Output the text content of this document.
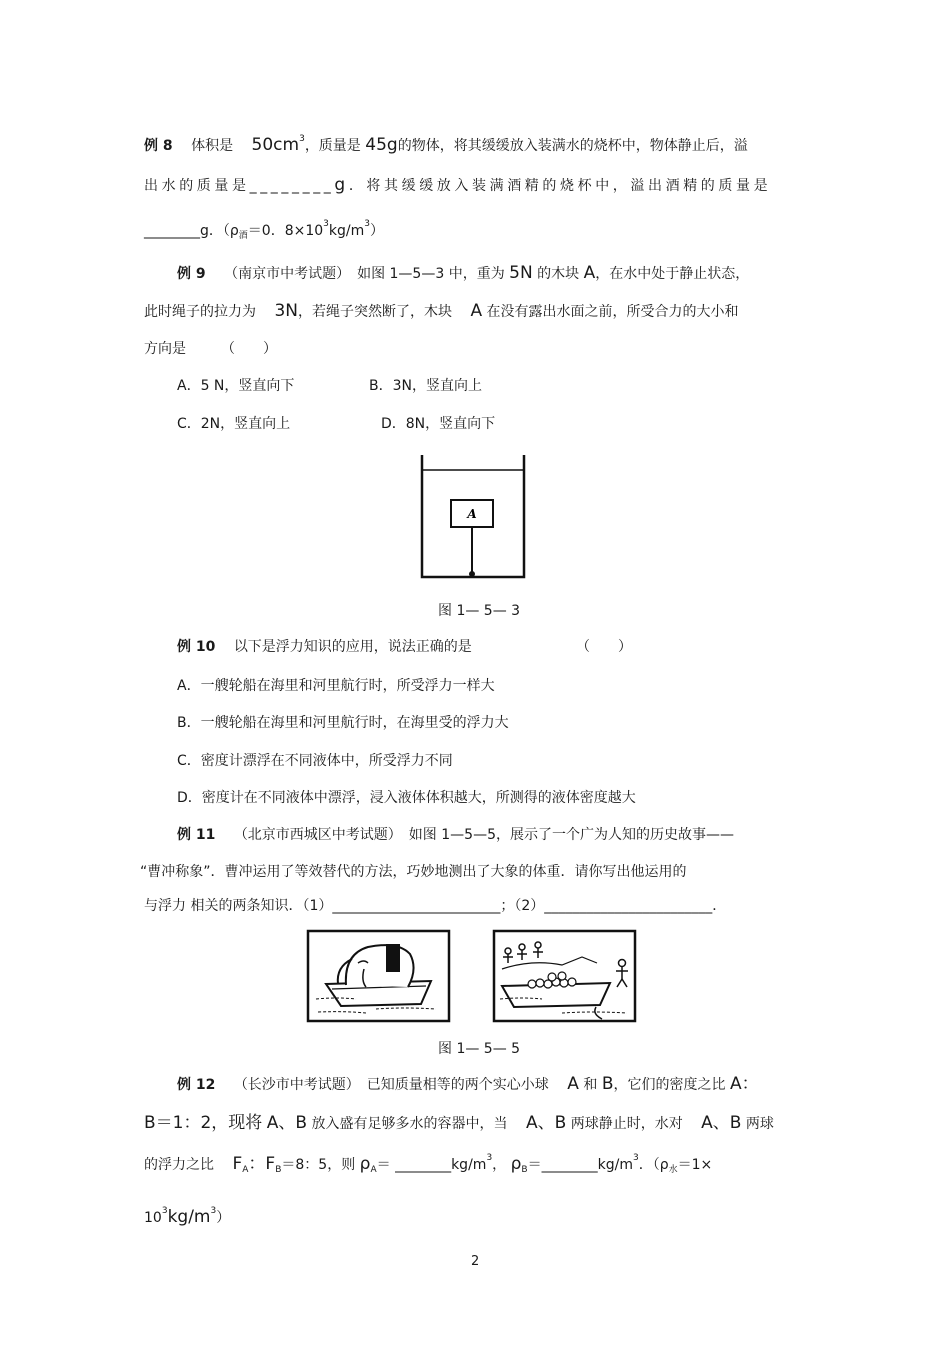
例 8　 体积是　 $50cm^3$，质量是 45g的物体，将其缓缓放入装满水的烧杯中，物体静止后，溢
出水的质量是________g．将其缓缓放入装满酒精的烧杯中，溢出酒精的质量是
________g．（$\rho_酒=0$．$8\times 10^3kg/m^3$）
例 9　 （南京市中考试题）　如图 1—5—3 中，重为 5N 的木块 A，在水中处于静止状态，
此时绳子的拉力为　 3N，若绳子突然断了，木块　 A 在没有露出水面之前，所受合力的大小和
方向是　　　（　　）
A．5 N，竖直向下	B．3N，竖直向上
C．2N，竖直向上	D．8N，竖直向下
A
图 1— 5— 3
例 10　 以下是浮力知识的应用，说法正确的是	（　　）
A．一艘轮船在海里和河里航行时，所受浮力一样大
B．一艘轮船在海里和河里航行时，在海里受的浮力大
C．密度计漂浮在不同液体中，所受浮力不同
D．密度计在不同液体中漂浮，浸入液体体积越大，所测得的液体密度越大
例 11　 （北京市西城区中考试题）　如图 1—5—5，展示了一个广为人知的历史故事——
“曹冲称象”．曹冲运用了等效替代的方法，巧妙地测出了大象的体重．请你写出他运用的
与浮力 相关的两条知识．（1）________________________；（2）________________________．
图 1— 5— 5
例 12　 （长沙市中考试题）　已知质量相等的两个实心小球　 A 和 B，它们的密度之比 A：
B＝1：2，现将 A、B 放入盛有足够多水的容器中，当　 A、B 两球静止时，水对　 A、B 两球
的浮力之比　 $F_A$：$F_B=8$：5，则 $\rho_A=$ $\_\_\_\_\_\_\_\_kg/m^3$， $\rho_B=\_\_\_\_\_\_\_\_kg/m^3$．（$\rho_水=1\times$
$10^3kg/m^3$）
2
